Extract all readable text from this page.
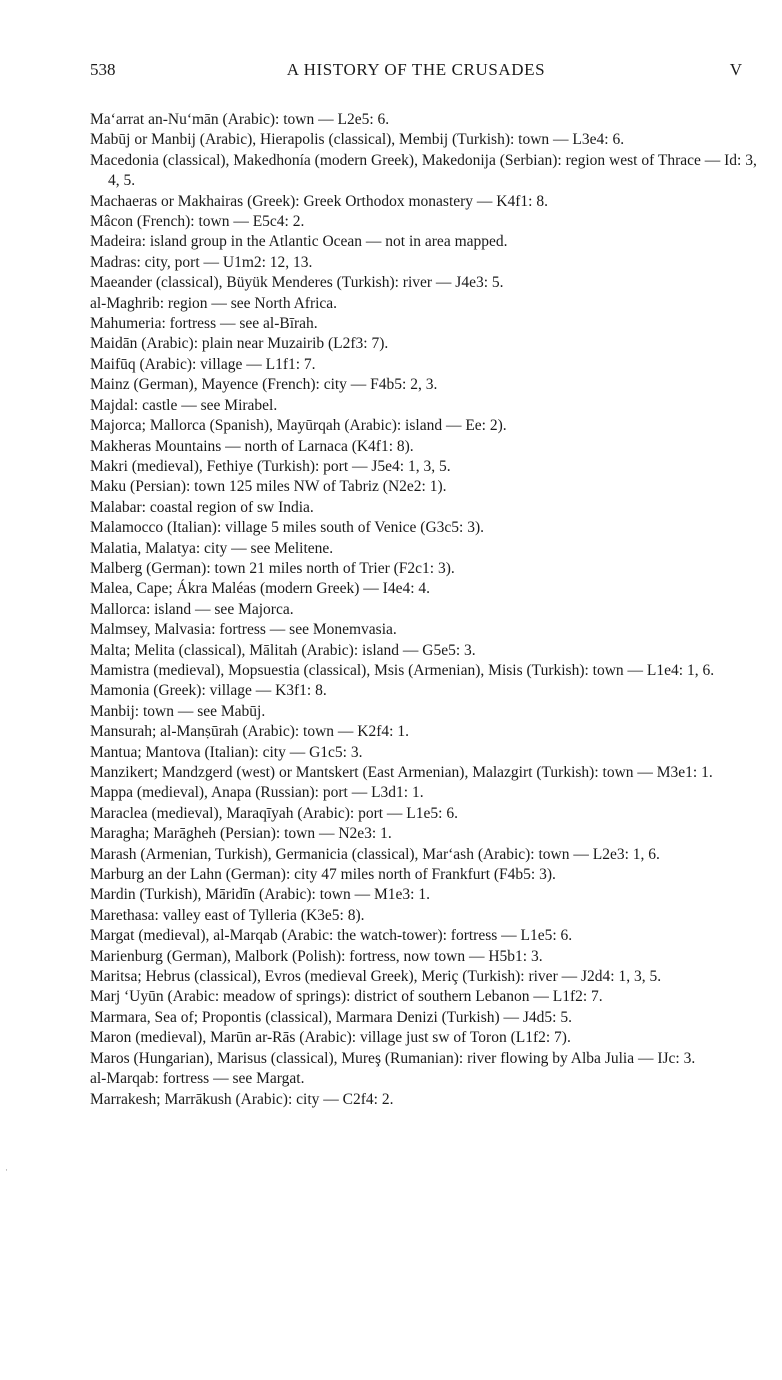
538	A HISTORY OF THE CRUSADES	V
Ma‘arrat an-Nu‘mān (Arabic): town — L2e5: 6.
Mabūj or Manbij (Arabic), Hierapolis (classical), Membij (Turkish): town — L3e4: 6.
Macedonia (classical), Makedhonía (modern Greek), Makedonija (Serbian): region west of Thrace — Id: 3, 4, 5.
Machaeras or Makhairas (Greek): Greek Orthodox monastery — K4f1: 8.
Mâcon (French): town — E5c4: 2.
Madeira: island group in the Atlantic Ocean — not in area mapped.
Madras: city, port — U1m2: 12, 13.
Maeander (classical), Büyük Menderes (Turkish): river — J4e3: 5.
al-Maghrib: region — see North Africa.
Mahumeria: fortress — see al-Bīrah.
Maidān (Arabic): plain near Muzairib (L2f3: 7).
Maifūq (Arabic): village — L1f1: 7.
Mainz (German), Mayence (French): city — F4b5: 2, 3.
Majdal: castle — see Mirabel.
Majorca; Mallorca (Spanish), Mayūrqah (Arabic): island — Ee: 2).
Makheras Mountains — north of Larnaca (K4f1: 8).
Makri (medieval), Fethiye (Turkish): port — J5e4: 1, 3, 5.
Maku (Persian): town 125 miles NW of Tabriz (N2e2: 1).
Malabar: coastal region of sw India.
Malamocco (Italian): village 5 miles south of Venice (G3c5: 3).
Malatia, Malatya: city — see Melitene.
Malberg (German): town 21 miles north of Trier (F2c1: 3).
Malea, Cape; Ákra Maléas (modern Greek) — I4e4: 4.
Mallorca: island — see Majorca.
Malmsey, Malvasia: fortress — see Monemvasia.
Malta; Melita (classical), Mālitah (Arabic): island — G5e5: 3.
Mamistra (medieval), Mopsuestia (classical), Msis (Armenian), Misis (Turkish): town — L1e4: 1, 6.
Mamonia (Greek): village — K3f1: 8.
Manbij: town — see Mabūj.
Mansurah; al-Manṣūrah (Arabic): town — K2f4: 1.
Mantua; Mantova (Italian): city — G1c5: 3.
Manzikert; Mandzgerd (west) or Mantskert (East Armenian), Malazgirt (Turkish): town — M3e1: 1.
Mappa (medieval), Anapa (Russian): port — L3d1: 1.
Maraclea (medieval), Maraqīyah (Arabic): port — L1e5: 6.
Maragha; Marāgheh (Persian): town — N2e3: 1.
Marash (Armenian, Turkish), Germanicia (classical), Mar‘ash (Arabic): town — L2e3: 1, 6.
Marburg an der Lahn (German): city 47 miles north of Frankfurt (F4b5: 3).
Mardin (Turkish), Māridīn (Arabic): town — M1e3: 1.
Marethasa: valley east of Tylleria (K3e5: 8).
Margat (medieval), al-Marqab (Arabic: the watch-tower): fortress — L1e5: 6.
Marienburg (German), Malbork (Polish): fortress, now town — H5b1: 3.
Maritsa; Hebrus (classical), Evros (medieval Greek), Meriç (Turkish): river — J2d4: 1, 3, 5.
Marj ‘Uyūn (Arabic: meadow of springs): district of southern Lebanon — L1f2: 7.
Marmara, Sea of; Propontis (classical), Marmara Denizi (Turkish) — J4d5: 5.
Maron (medieval), Marūn ar-Rās (Arabic): village just sw of Toron (L1f2: 7).
Maros (Hungarian), Marisus (classical), Mureş (Rumanian): river flowing by Alba Julia — IJc: 3.
al-Marqab: fortress — see Margat.
Marrakesh; Marrākush (Arabic): city — C2f4: 2.
·
